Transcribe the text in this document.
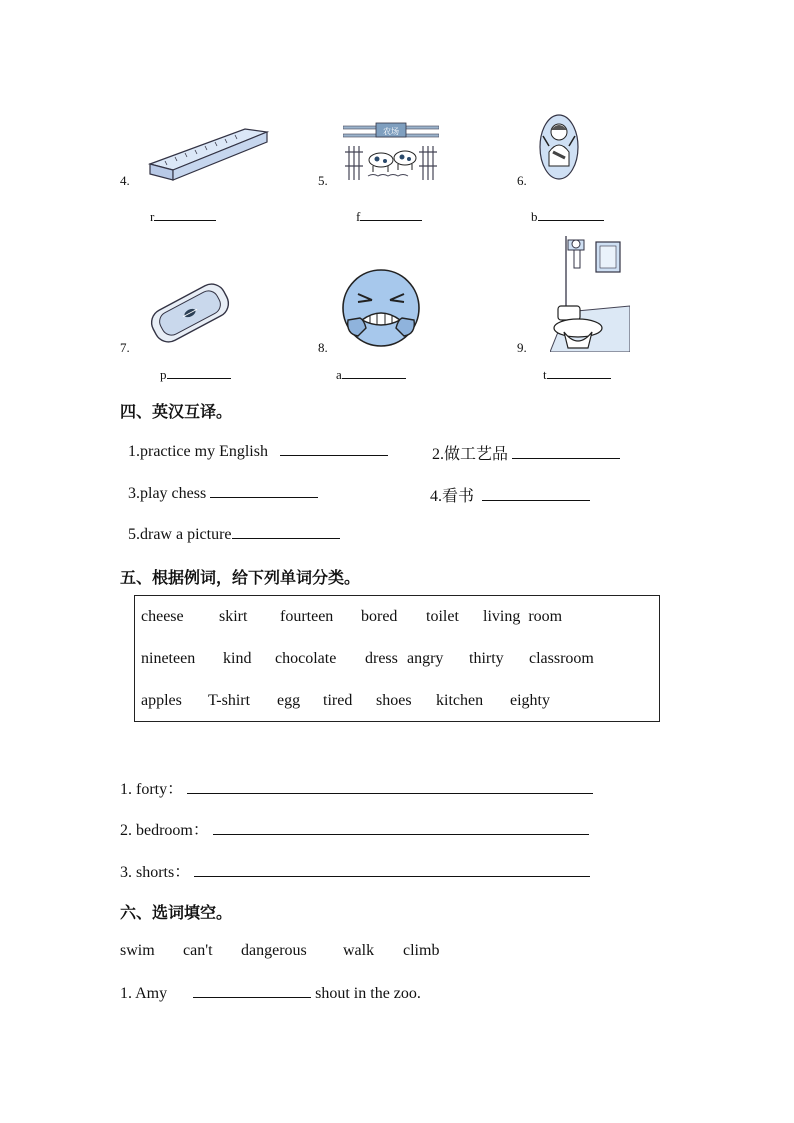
4.
r
农场
5.
f
6.
b
7.
p
8.
a
9.
t
四、英汉互译。
1.practice my English	2.做工艺品
3.play chess	4.看书
5.draw a picture
五、根据例词，给下列单词分类。
cheese skirt fourteen bored toilet living  room
nineteen kind chocolate dress angry thirty classroom
apples T-shirt egg tired shoes kitchen eighty
1. forty：
2. bedroom：
3. shorts：
六、选词填空。
swim can't dangerous walk climb
1. Amy	shout in the zoo.
